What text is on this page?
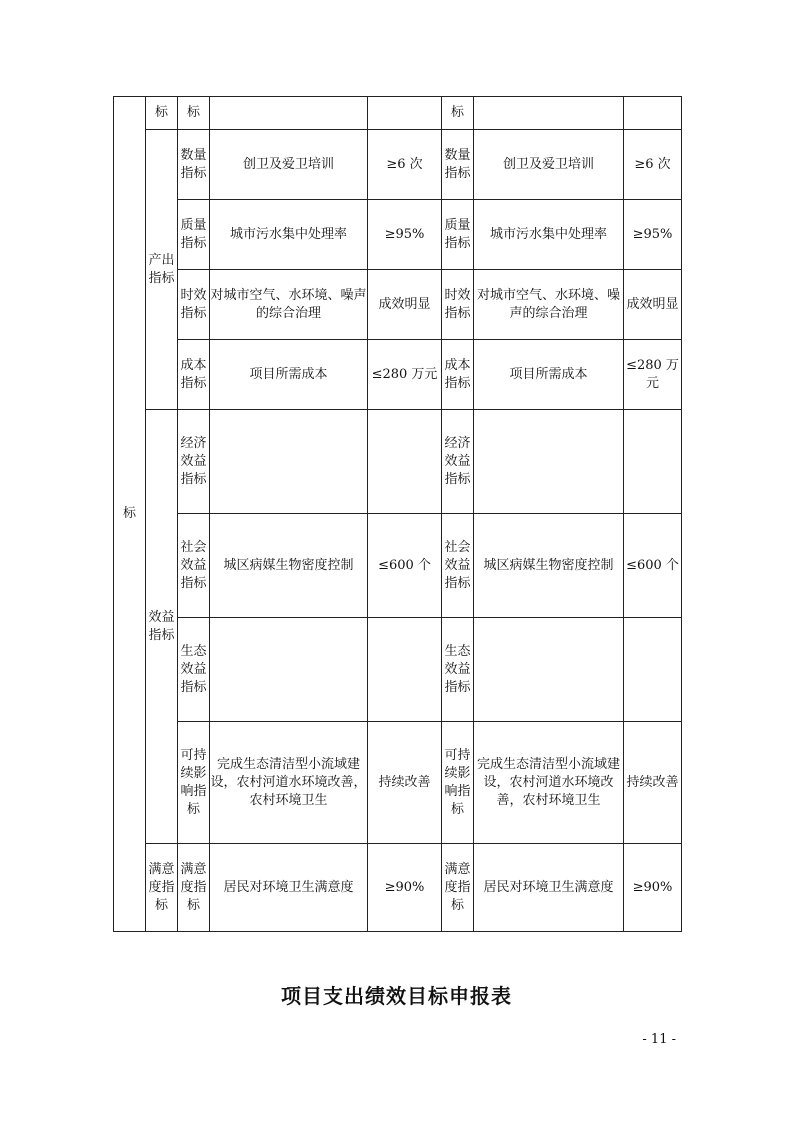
标	标	标			标		
	产出指标	数量指标	创卫及爱卫培训	≥6 次	数量指标	创卫及爱卫培训	≥6 次
		质量指标	城市污水集中处理率	≥95%	质量指标	城市污水集中处理率	≥95%
		时效指标	对城市空气、水环境、噪声的综合治理	成效明显	时效指标	对城市空气、水环境、噪声的综合治理	成效明显
		成本指标	项目所需成本	≤280 万元	成本指标	项目所需成本	≤280 万元
	效益指标	经济效益指标			经济效益指标		
		社会效益指标	城区病媒生物密度控制	≤600 个	社会效益指标	城区病媒生物密度控制	≤600 个
		生态效益指标			生态效益指标		
		可持续影响指标	完成生态清洁型小流域建设，农村河道水环境改善，农村环境卫生	持续改善	可持续影响指标	完成生态清洁型小流域建设，农村河道水环境改善，农村环境卫生	持续改善
	满意度指标	满意度指标	居民对环境卫生满意度	≥90%	满意度指标	居民对环境卫生满意度	≥90%
项目支出绩效目标申报表
- 11 -
